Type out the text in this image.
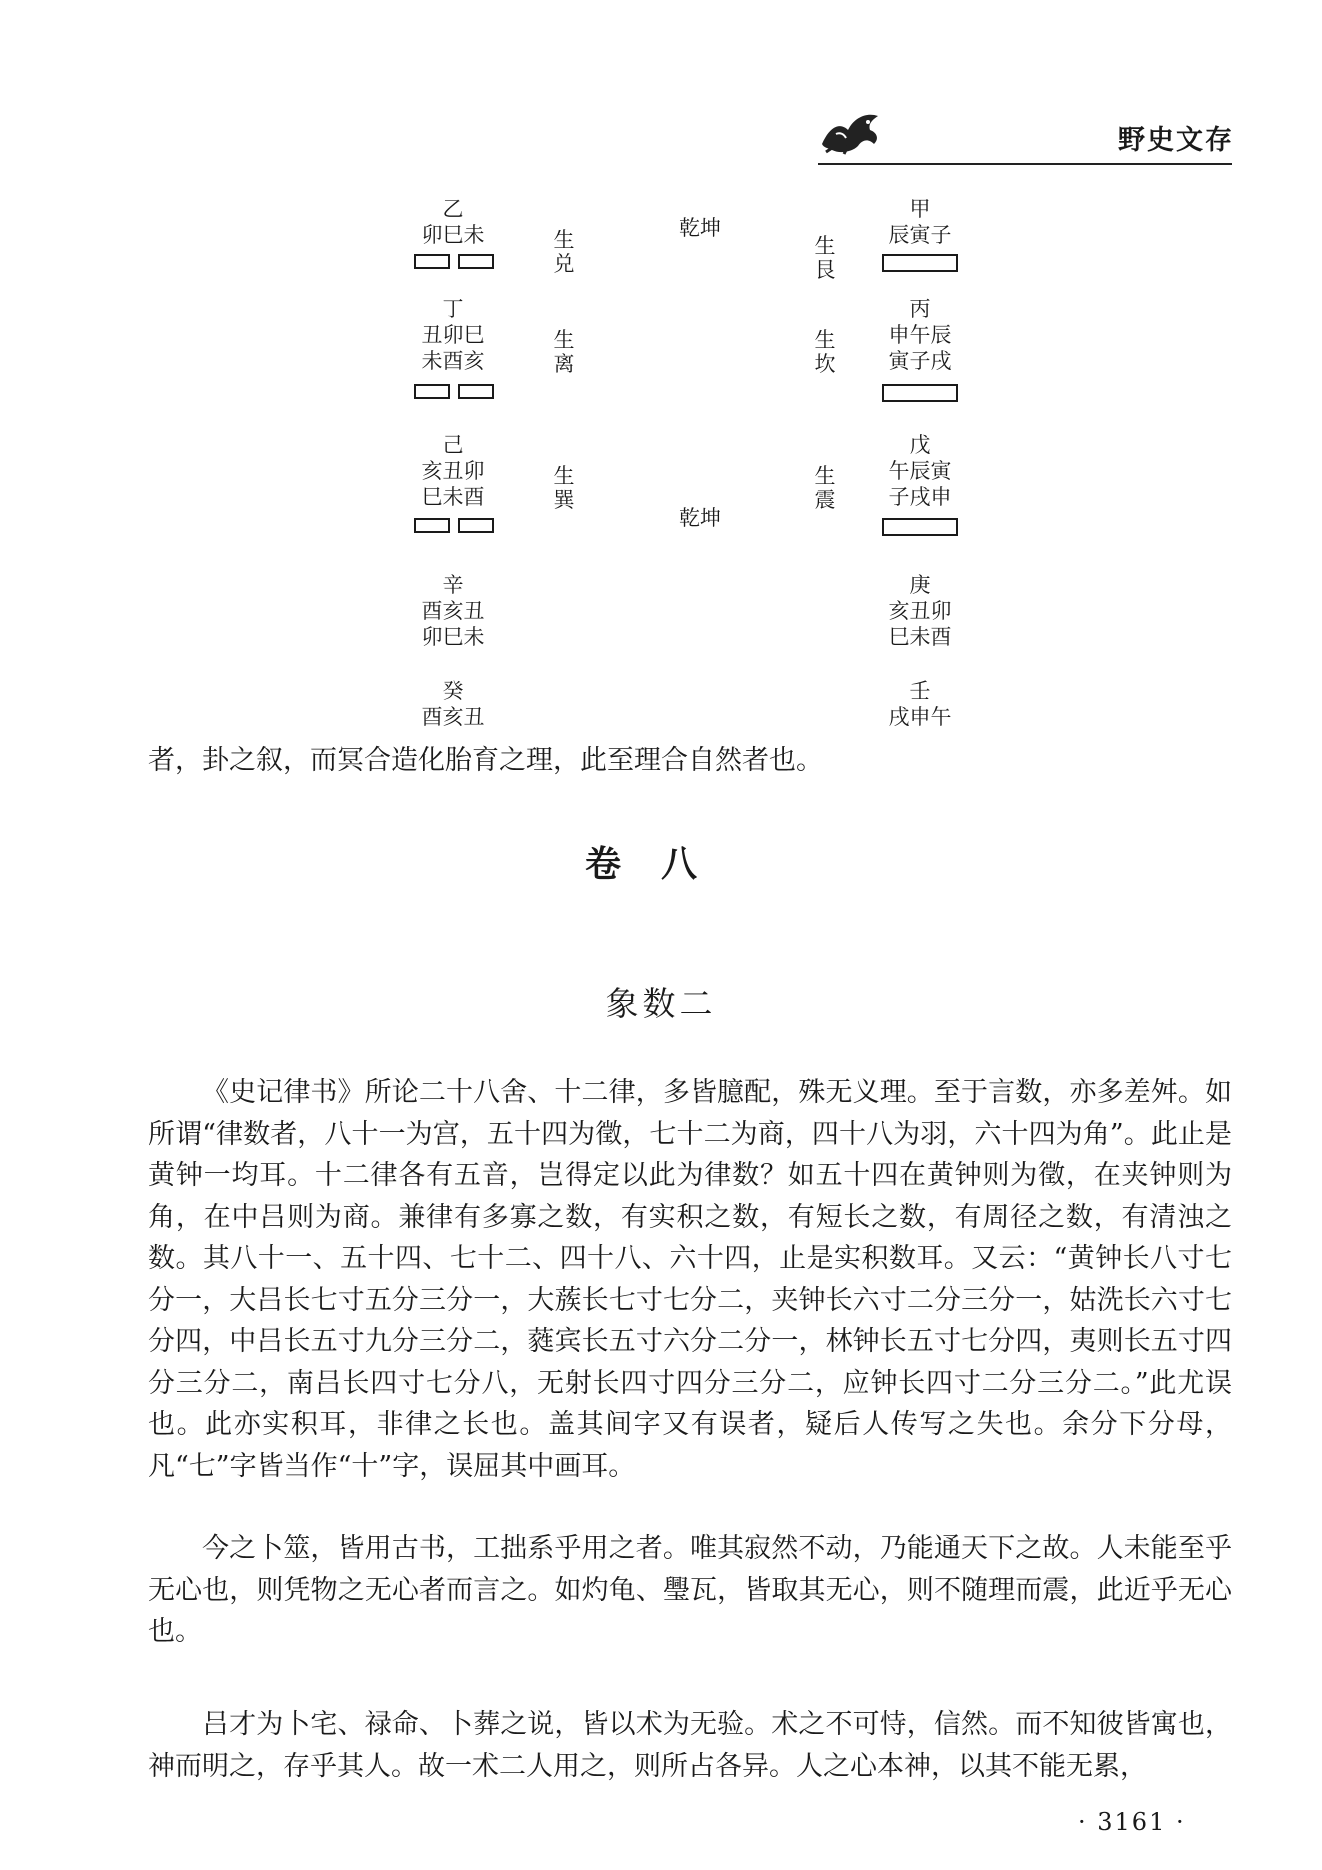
野史文存
乙
卯巳未	生
兑
丁
丑卯巳
未酉亥
生
离
己
亥丑卯
巳未酉
生
巽
辛
酉亥丑
卯巳未
癸
酉亥丑
乾坤
乾坤
甲
辰寅子
生
艮
丙
申午辰
寅子戌
生
坎
戊
午辰寅
子戌申
生
震
庚
亥丑卯
巳未酉
壬
戌申午
者，卦之叙，而冥合造化胎育之理，此至理合自然者也。
卷八
象数二
《史记律书》所论二十八舍、十二律，多皆臆配，殊无义理。至于言数，亦多差舛。如所谓“律数者，八十一为宫，五十四为徵，七十二为商，四十八为羽，六十四为角”。此止是黄钟一均耳。十二律各有五音，岂得定以此为律数？如五十四在黄钟则为徵，在夹钟则为角，在中吕则为商。兼律有多寡之数，有实积之数，有短长之数，有周径之数，有清浊之数。其八十一、五十四、七十二、四十八、六十四，止是实积数耳。又云：“黄钟长八寸七分一，大吕长七寸五分三分一，大蔟长七寸七分二，夹钟长六寸二分三分一，姑洗长六寸七分四，中吕长五寸九分三分二，蕤宾长五寸六分二分一，林钟长五寸七分四，夷则长五寸四分三分二，南吕长四寸七分八，无射长四寸四分三分二，应钟长四寸二分三分二。”此尤误也。此亦实积耳，非律之长也。盖其间字又有误者，疑后人传写之失也。余分下分母，凡“七”字皆当作“十”字，误屈其中画耳。
今之卜筮，皆用古书，工拙系乎用之者。唯其寂然不动，乃能通天下之故。人未能至乎无心也，则凭物之无心者而言之。如灼龟、璺瓦，皆取其无心，则不随理而震，此近乎无心也。
吕才为卜宅、禄命、卜葬之说，皆以术为无验。术之不可恃，信然。而不知彼皆寓也，神而明之，存乎其人。故一术二人用之，则所占各异。人之心本神，以其不能无累，
· 3161 ·
